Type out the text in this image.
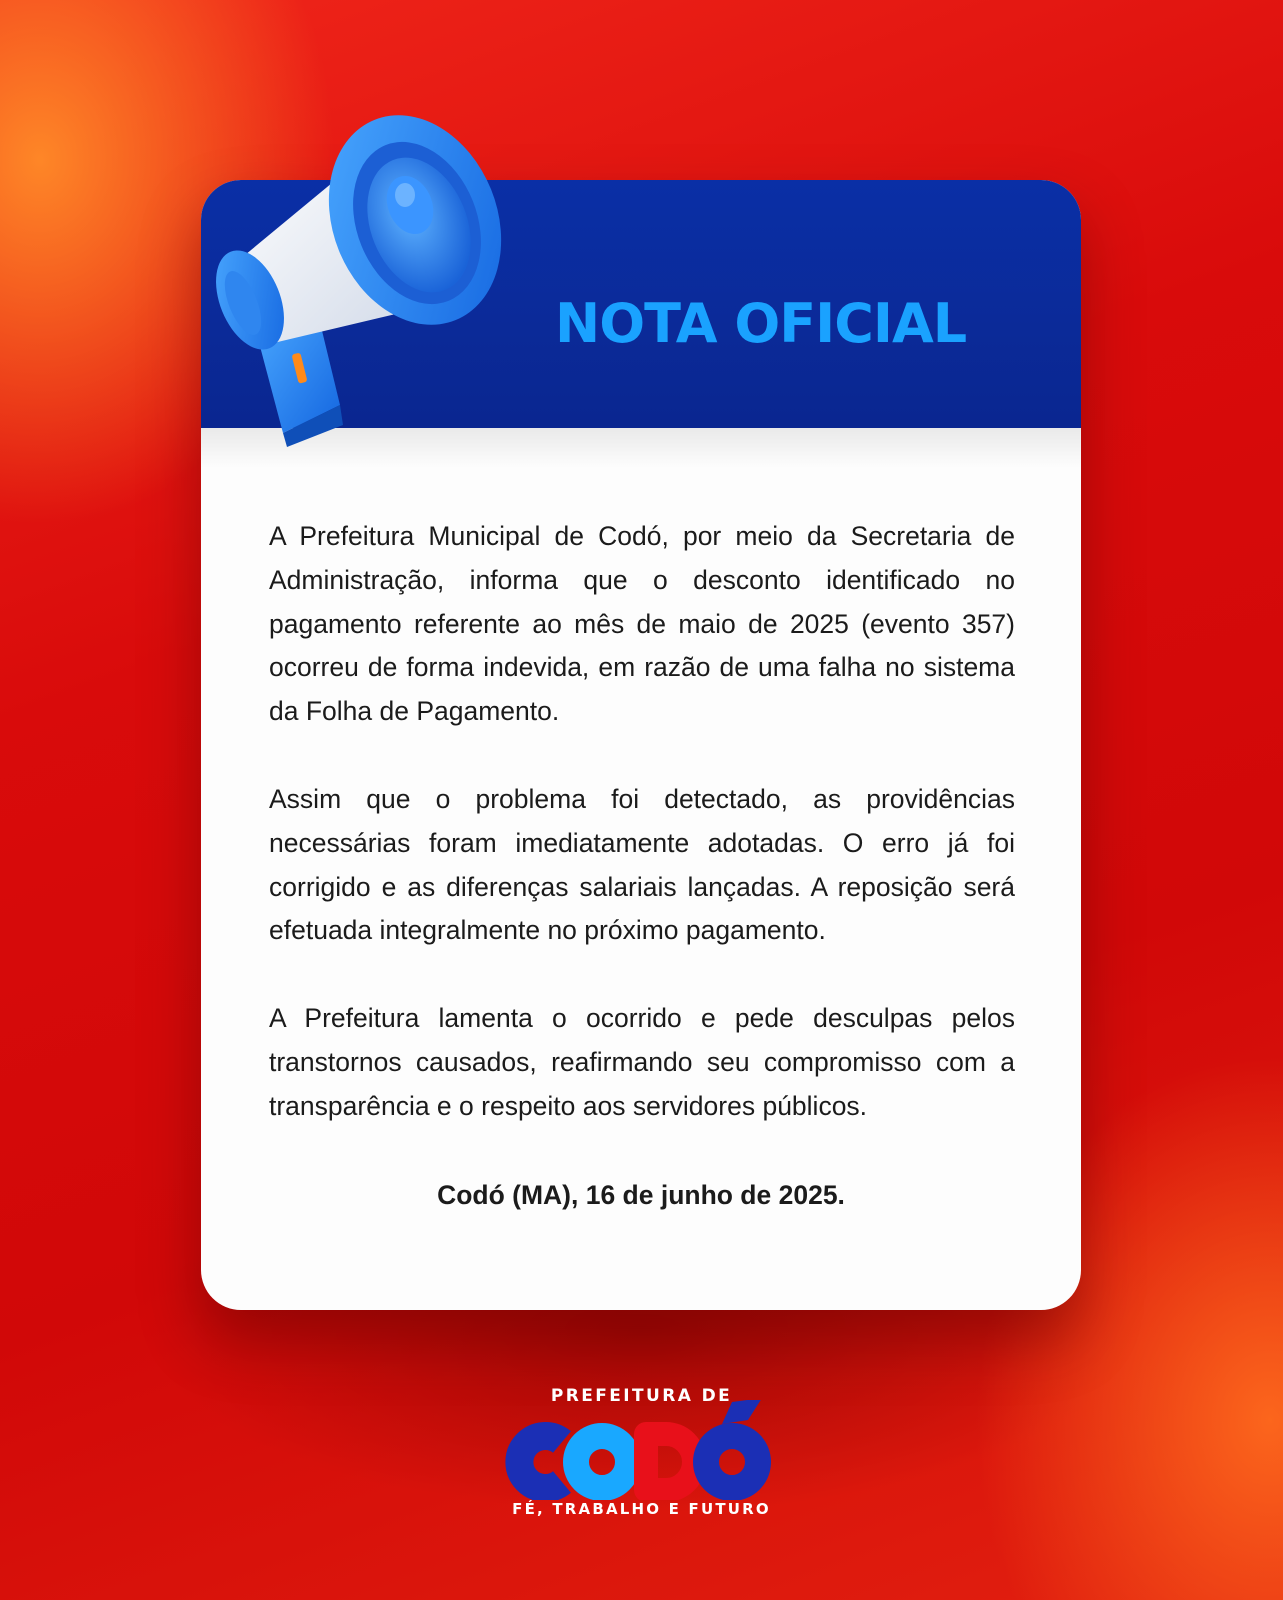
NOTA OFICIAL

A Prefeitura Municipal de Codó, por meio da Secretaria de Administração, informa que o desconto identificado no pagamento referente ao mês de maio de 2025 (evento 357) ocorreu de forma indevida, em razão de uma falha no sistema da Folha de Pagamento.

Assim que o problema foi detectado, as providências necessárias foram imediatamente adotadas. O erro já foi corrigido e as diferenças salariais lançadas. A reposição será efetuada integralmente no próximo pagamento.

A Prefeitura lamenta o ocorrido e pede desculpas pelos transtornos causados, reafirmando seu compromisso com a transparência e o respeito aos servidores públicos.

Codó (MA), 16 de junho de 2025.

PREFEITURA DE
FÉ, TRABALHO E FUTURO
